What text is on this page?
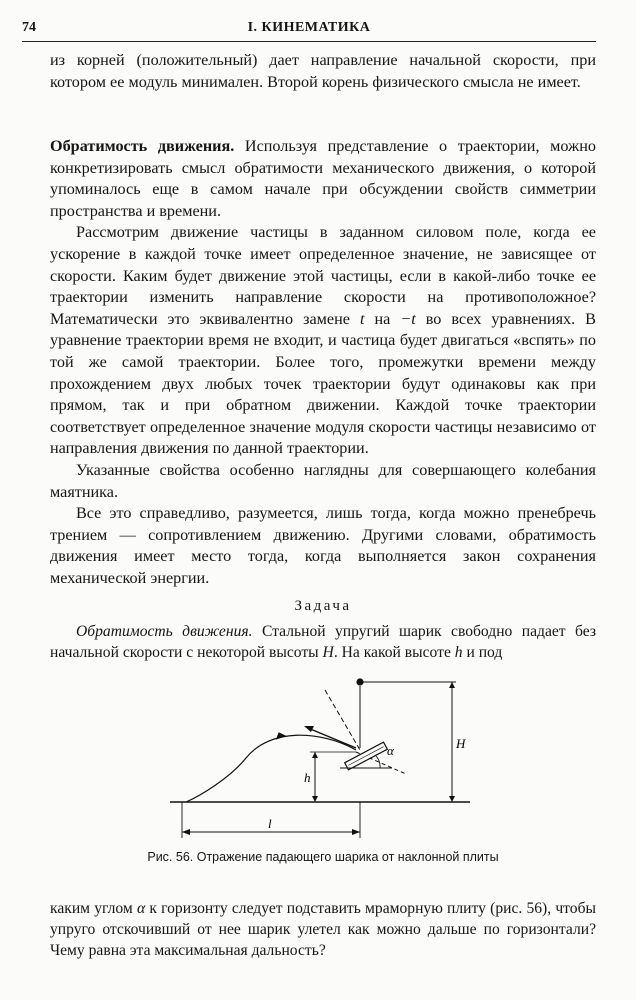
74	I. КИНЕМАТИКА

из корней (положительный) дает направление начальной скорости, при котором ее модуль минимален. Второй корень физического смысла не имеет.

Обратимость движения. Используя представление о траектории, можно конкретизировать смысл обратимости механического движения, о которой упоминалось еще в самом начале при обсуждении свойств симметрии пространства и времени.

Рассмотрим движение частицы в заданном силовом поле, когда ее ускорение в каждой точке имеет определенное значение, не зависящее от скорости. Каким будет движение этой частицы, если в какой-либо точке ее траектории изменить направление скорости на противоположное? Математически это эквивалентно замене t на −t во всех уравнениях. В уравнение траектории время не входит, и частица будет двигаться «вспять» по той же самой траектории. Более того, промежутки времени между прохождением двух любых точек траектории будут одинаковы как при прямом, так и при обратном движении. Каждой точке траектории соответствует определенное значение модуля скорости частицы независимо от направления движения по данной траектории.

Указанные свойства особенно наглядны для совершающего колебания маятника.

Все это справедливо, разумеется, лишь тогда, когда можно пренебречь трением — сопротивлением движению. Другими словами, обратимость движения имеет место тогда, когда выполняется закон сохранения механической энергии.

Задача

Обратимость движения. Стальной упругий шарик свободно падает без начальной скорости с некоторой высоты H. На какой высоте h и под

α
h
H
l
Рис. 56. Отражение падающего шарика от наклонной плиты

каким углом α к горизонту следует подставить мраморную плиту (рис. 56), чтобы упруго отскочивший от нее шарик улетел как можно дальше по горизонтали? Чему равна эта максимальная дальность?
